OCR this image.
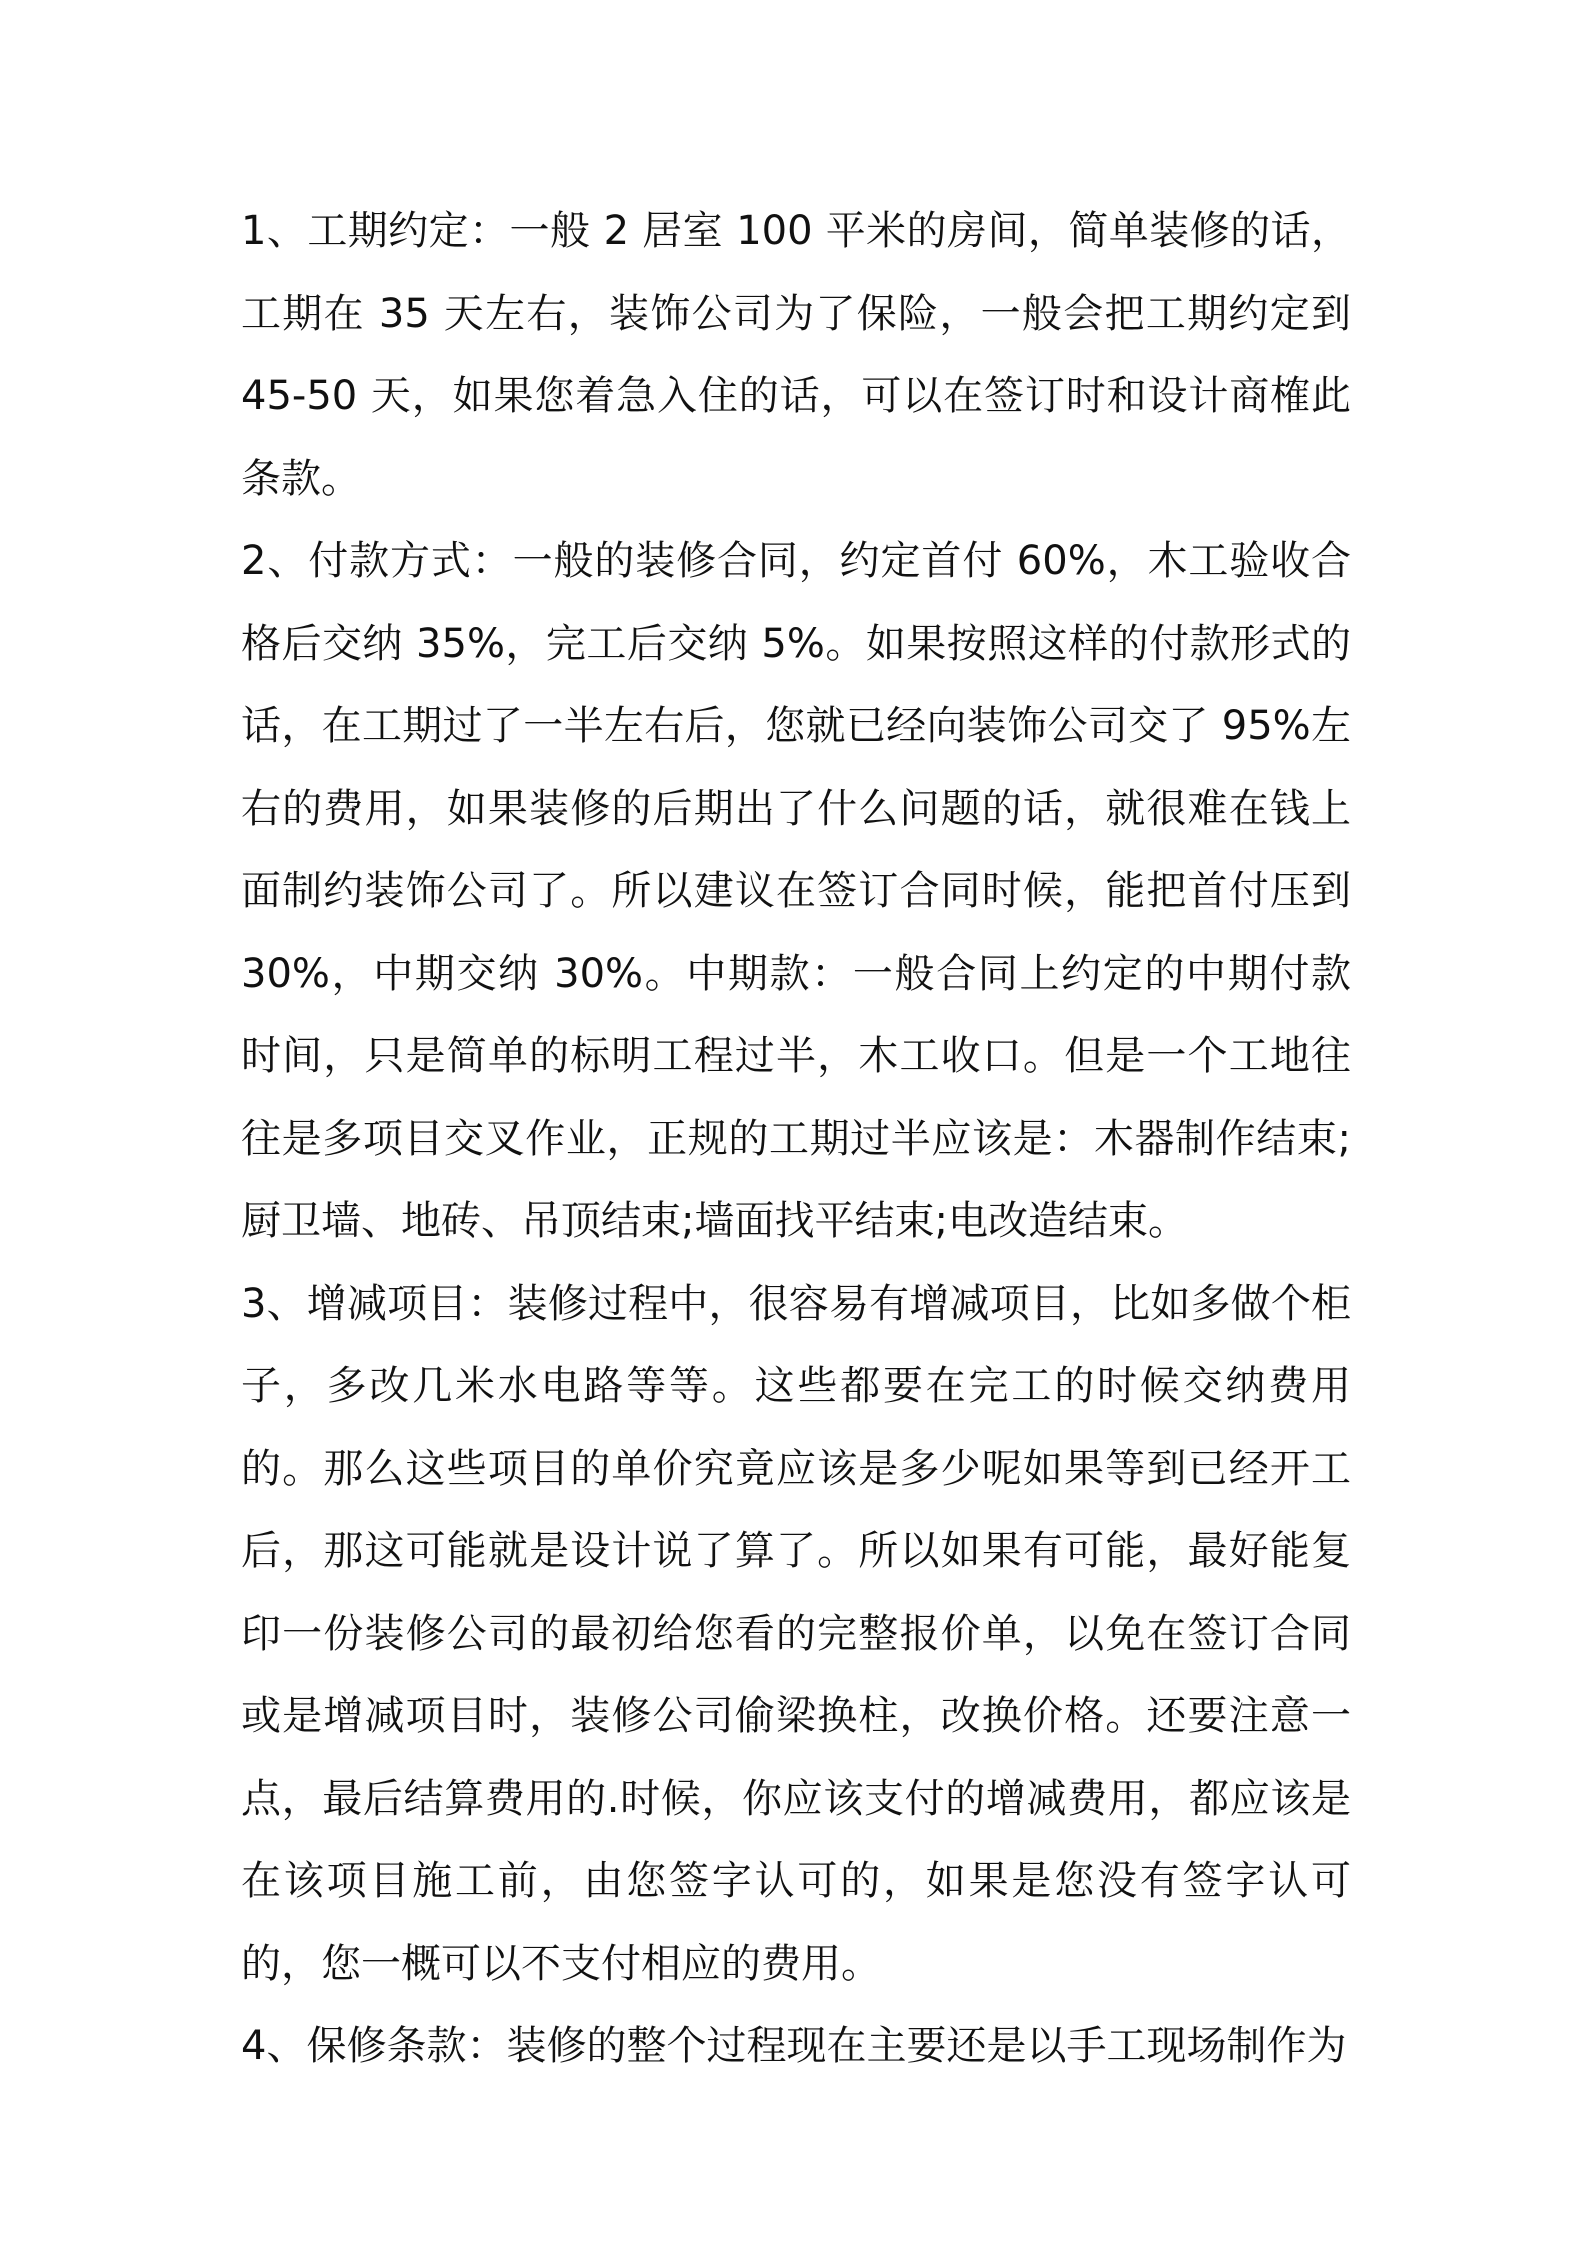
1、工期约定：一般 2 居室 100 平米的房间，简单装修的话，工期在 35 天左右，装饰公司为了保险，一般会把工期约定到 45-50 天，如果您着急入住的话，可以在签订时和设计商榷此条款。

2、付款方式：一般的装修合同，约定首付 60%，木工验收合格后交纳 35%，完工后交纳 5%。如果按照这样的付款形式的话，在工期过了一半左右后，您就已经向装饰公司交了 95%左右的费用，如果装修的后期出了什么问题的话，就很难在钱上面制约装饰公司了。所以建议在签订合同时候，能把首付压到 30%，中期交纳 30%。中期款：一般合同上约定的中期付款时间，只是简单的标明工程过半，木工收口。但是一个工地往往是多项目交叉作业，正规的工期过半应该是：木器制作结束;厨卫墙、地砖、吊顶结束;墙面找平结束;电改造结束。

3、增减项目：装修过程中，很容易有增减项目，比如多做个柜子，多改几米水电路等等。这些都要在完工的时候交纳费用的。那么这些项目的单价究竟应该是多少呢如果等到已经开工后，那这可能就是设计说了算了。所以如果有可能，最好能复印一份装修公司的最初给您看的完整报价单，以免在签订合同或是增减项目时，装修公司偷梁换柱，改换价格。还要注意一点，最后结算费用的.时候，你应该支付的增减费用，都应该是在该项目施工前，由您签字认可的，如果是您没有签字认可的，您一概可以不支付相应的费用。

4、保修条款：装修的整个过程现在主要还是以手工现场制作为
